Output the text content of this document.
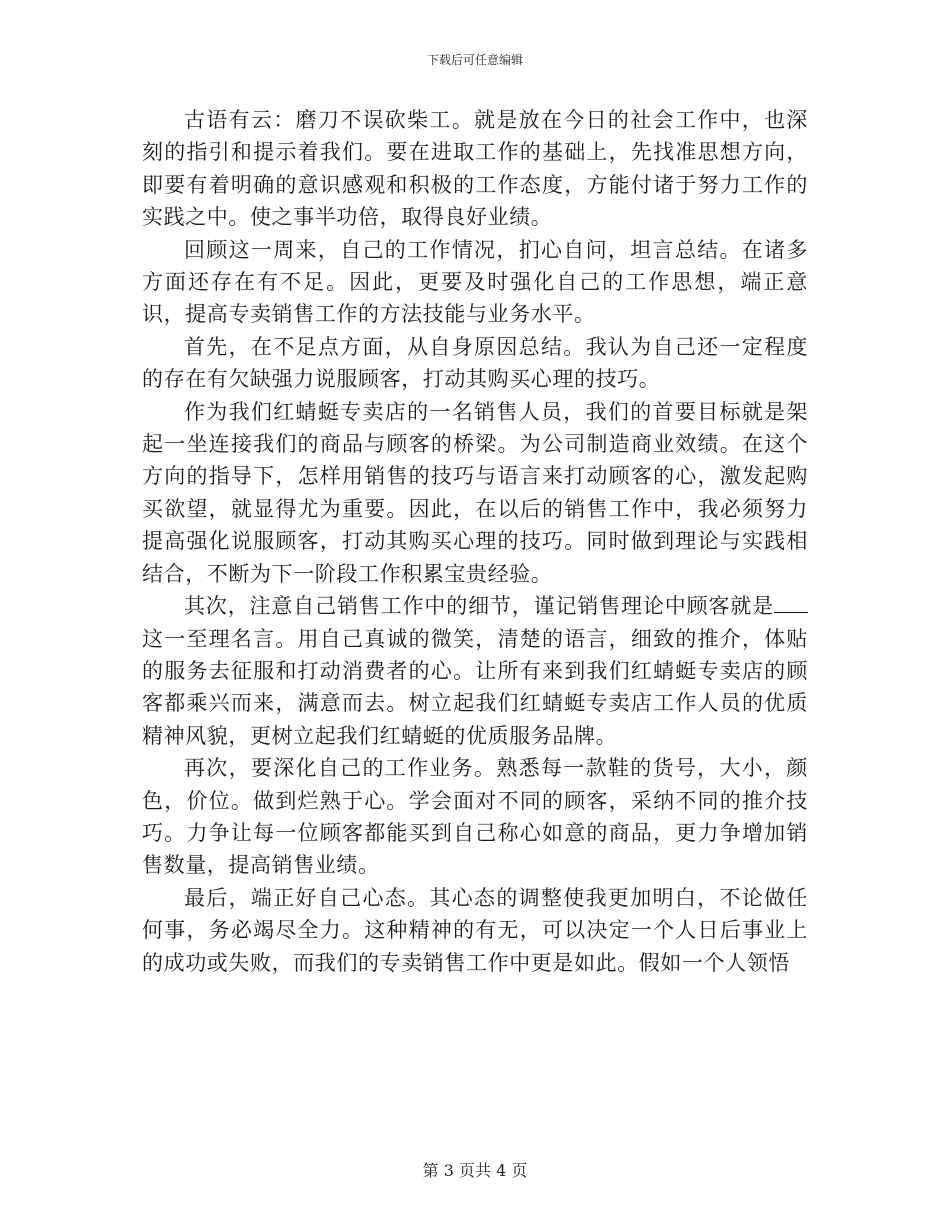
下载后可任意编辑

古语有云：磨刀不误砍柴工。就是放在今日的社会工作中，也深刻的指引和提示着我们。要在进取工作的基础上，先找准思想方向，即要有着明确的意识感观和积极的工作态度，方能付诸于努力工作的实践之中。使之事半功倍，取得良好业绩。

回顾这一周来，自己的工作情况，扪心自问，坦言总结。在诸多方面还存在有不足。因此，更要及时强化自己的工作思想，端正意识，提高专卖销售工作的方法技能与业务水平。

首先，在不足点方面，从自身原因总结。我认为自己还一定程度的存在有欠缺强力说服顾客，打动其购买心理的技巧。

作为我们红蜻蜓专卖店的一名销售人员，我们的首要目标就是架起一坐连接我们的商品与顾客的桥梁。为公司制造商业效绩。在这个方向的指导下，怎样用销售的技巧与语言来打动顾客的心，激发起购买欲望，就显得尤为重要。因此，在以后的销售工作中，我必须努力提高强化说服顾客，打动其购买心理的技巧。同时做到理论与实践相结合，不断为下一阶段工作积累宝贵经验。

其次，注意自己销售工作中的细节，谨记销售理论中顾客就是这一至理名言。用自己真诚的微笑，清楚的语言，细致的推介，体贴的服务去征服和打动消费者的心。让所有来到我们红蜻蜓专卖店的顾客都乘兴而来，满意而去。树立起我们红蜻蜓专卖店工作人员的优质精神风貌，更树立起我们红蜻蜓的优质服务品牌。

再次，要深化自己的工作业务。熟悉每一款鞋的货号，大小，颜色，价位。做到烂熟于心。学会面对不同的顾客，采纳不同的推介技巧。力争让每一位顾客都能买到自己称心如意的商品，更力争增加销售数量，提高销售业绩。

最后，端正好自己心态。其心态的调整使我更加明白，不论做任何事，务必竭尽全力。这种精神的有无，可以决定一个人日后事业上的成功或失败，而我们的专卖销售工作中更是如此。假如一个人领悟

第 3 页共 4 页
